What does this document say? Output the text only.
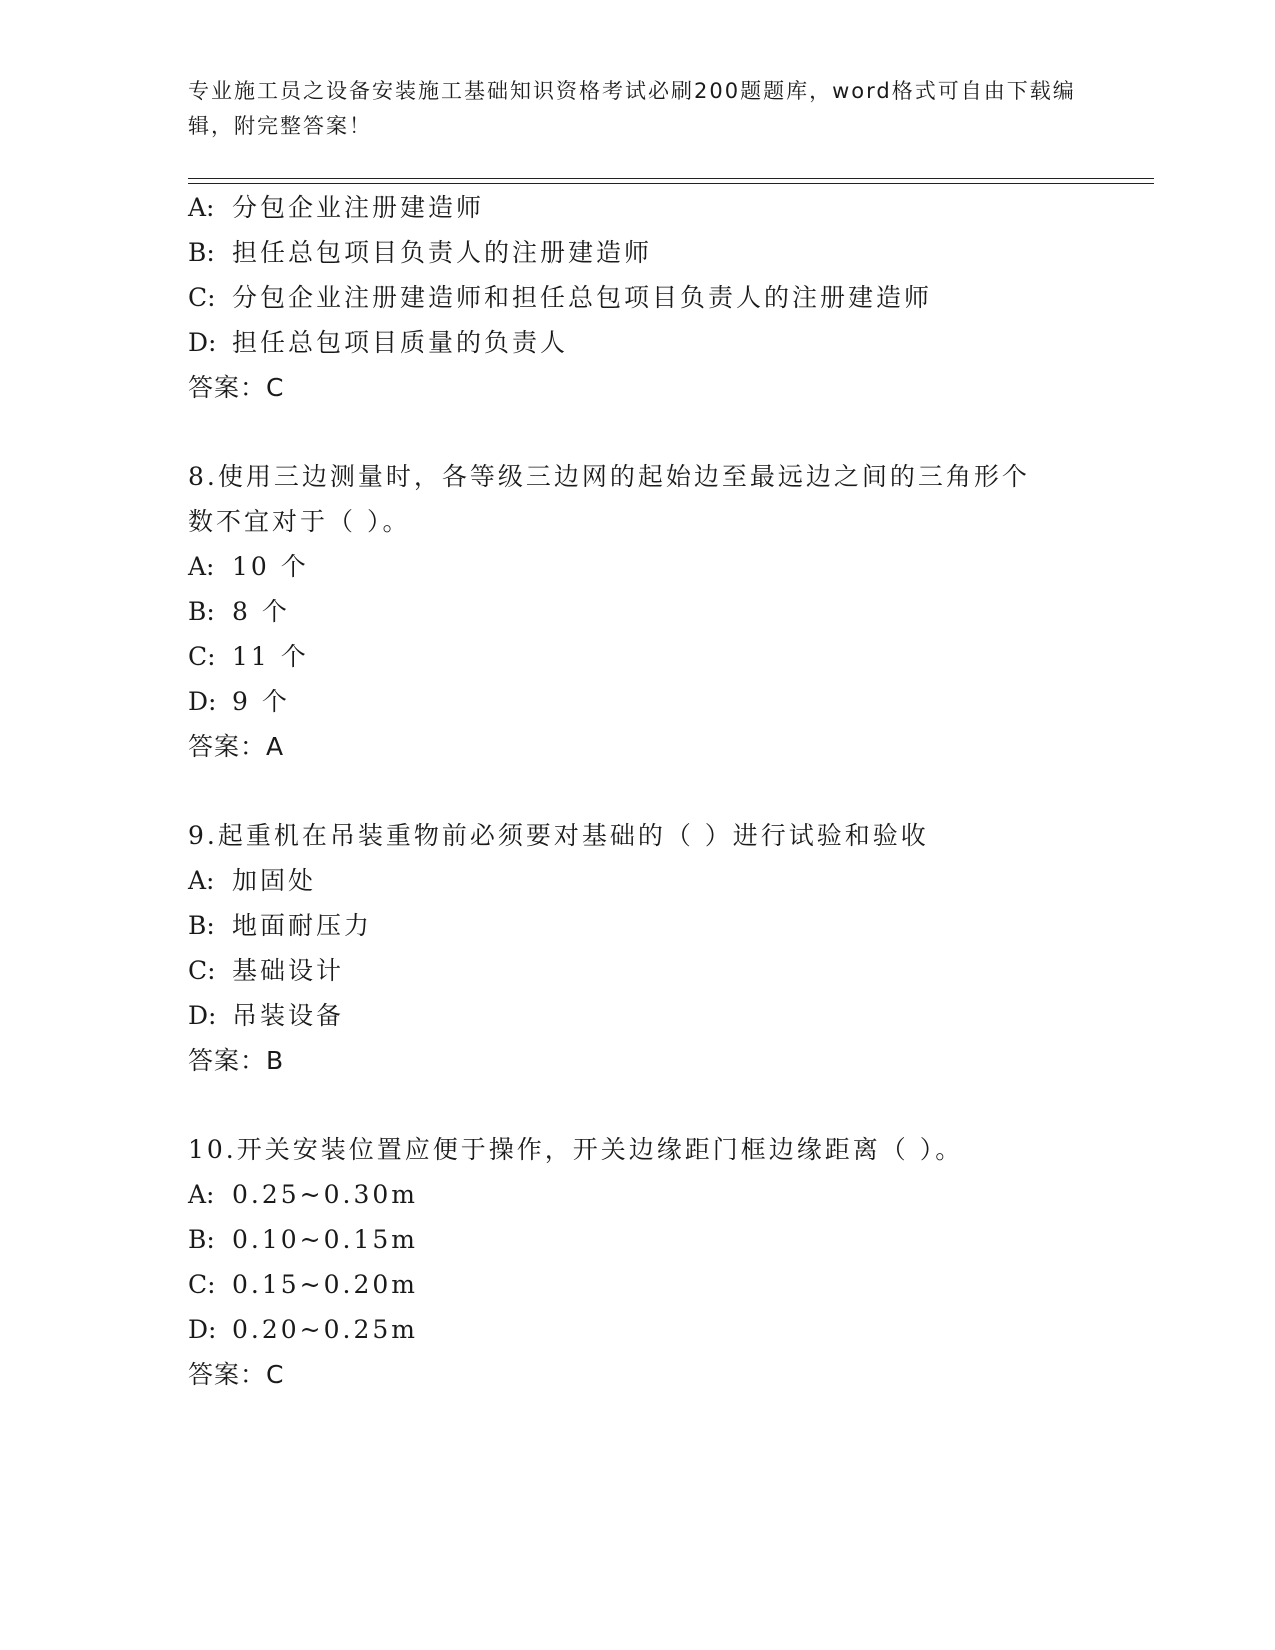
专业施工员之设备安装施工基础知识资格考试必刷200题题库，word格式可自由下载编辑，附完整答案！
A: 分包企业注册建造师
B: 担任总包项目负责人的注册建造师
C: 分包企业注册建造师和担任总包项目负责人的注册建造师
D: 担任总包项目质量的负责人
答案：C
8.使用三边测量时，各等级三边网的起始边至最远边之间的三角形个
数不宜对于（ ）。
A: 10 个
B: 8 个
C: 11 个
D: 9 个
答案：A
9.起重机在吊装重物前必须要对基础的（ ）进行试验和验收
A: 加固处
B: 地面耐压力
C: 基础设计
D: 吊装设备
答案：B
10.开关安装位置应便于操作，开关边缘距门框边缘距离（ ）。
A: 0.25~0.30m
B: 0.10~0.15m
C: 0.15~0.20m
D: 0.20~0.25m
答案：C
